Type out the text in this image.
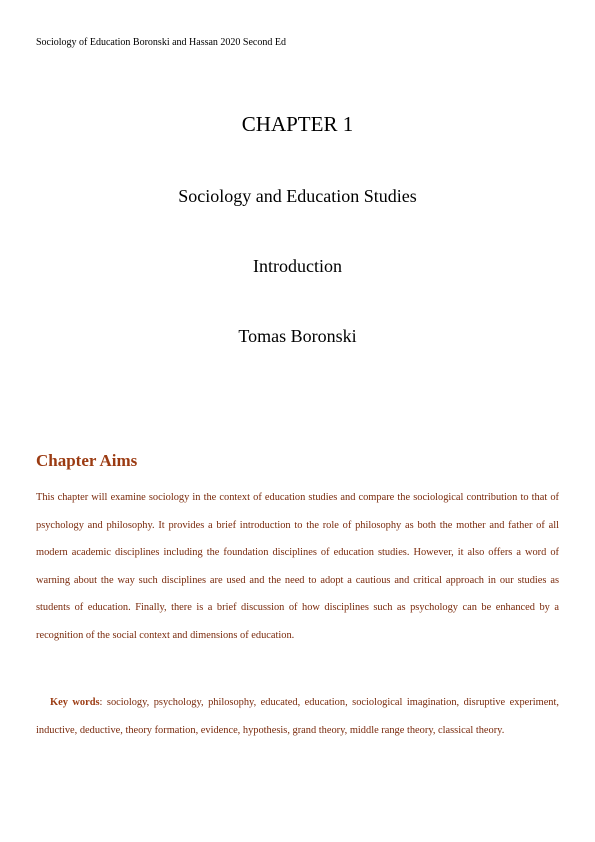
Sociology of Education Boronski and Hassan 2020 Second Ed
CHAPTER 1
Sociology and Education Studies
Introduction
Tomas Boronski
Chapter Aims

This chapter will examine sociology in the context of education studies and compare the sociological contribution to that of psychology and philosophy. It provides a brief introduction to the role of philosophy as both the mother and father of all modern academic disciplines including the foundation disciplines of education studies. However, it also offers a word of warning about the way such disciplines are used and the need to adopt a cautious and critical approach in our studies as students of education. Finally, there is a brief discussion of how disciplines such as psychology can be enhanced by a recognition of the social context and dimensions of education.

Key words: sociology, psychology, philosophy, educated, education, sociological imagination, disruptive experiment, inductive, deductive, theory formation, evidence, hypothesis, grand theory, middle range theory, classical theory.
